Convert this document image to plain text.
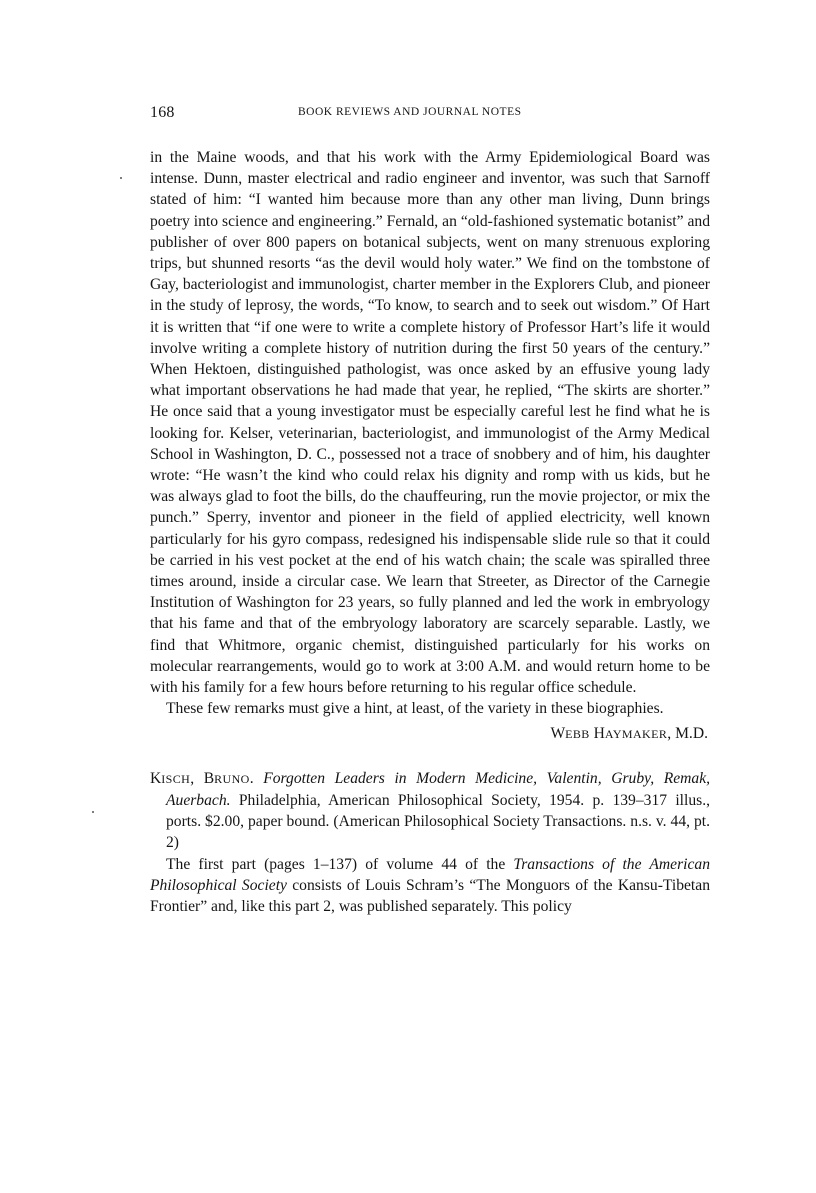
168	BOOK REVIEWS AND JOURNAL NOTES

in the Maine woods, and that his work with the Army Epidemiological Board was intense. Dunn, master electrical and radio engineer and inventor, was such that Sarnoff stated of him: “I wanted him because more than any other man living, Dunn brings poetry into science and engineering.” Fernald, an “old-fashioned systematic botanist” and publisher of over 800 papers on botanical subjects, went on many strenuous exploring trips, but shunned resorts “as the devil would holy water.” We find on the tombstone of Gay, bacteriologist and immunologist, charter member in the Explorers Club, and pioneer in the study of leprosy, the words, “To know, to search and to seek out wisdom.” Of Hart it is written that “if one were to write a complete history of Professor Hart’s life it would involve writing a complete history of nutrition during the first 50 years of the century.” When Hektoen, distinguished pathologist, was once asked by an effusive young lady what important observations he had made that year, he replied, “The skirts are shorter.” He once said that a young investigator must be especially careful lest he find what he is looking for. Kelser, veterinarian, bacteriologist, and immunologist of the Army Medical School in Washington, D. C., possessed not a trace of snobbery and of him, his daughter wrote: “He wasn’t the kind who could relax his dignity and romp with us kids, but he was always glad to foot the bills, do the chauffeuring, run the movie projector, or mix the punch.” Sperry, inventor and pioneer in the field of applied electricity, well known particularly for his gyro compass, redesigned his indispensable slide rule so that it could be carried in his vest pocket at the end of his watch chain; the scale was spiralled three times around, inside a circular case. We learn that Streeter, as Director of the Carnegie Institution of Washington for 23 years, so fully planned and led the work in embryology that his fame and that of the embryology laboratory are scarcely separable. Lastly, we find that Whitmore, organic chemist, distinguished particularly for his works on molecular rearrangements, would go to work at 3:00 A.M. and would return home to be with his family for a few hours before returning to his regular office schedule.

These few remarks must give a hint, at least, of the variety in these biographies.

WEBB HAYMAKER, M.D.

KISCH, BRUNO. Forgotten Leaders in Modern Medicine, Valentin, Gruby, Remak, Auerbach. Philadelphia, American Philosophical Society, 1954. p. 139–317 illus., ports. $2.00, paper bound. (American Philosophical Society Transactions. n.s. v. 44, pt. 2)

The first part (pages 1–137) of volume 44 of the Transactions of the American Philosophical Society consists of Louis Schram’s “The Monguors of the Kansu-Tibetan Frontier” and, like this part 2, was published separately. This policy
